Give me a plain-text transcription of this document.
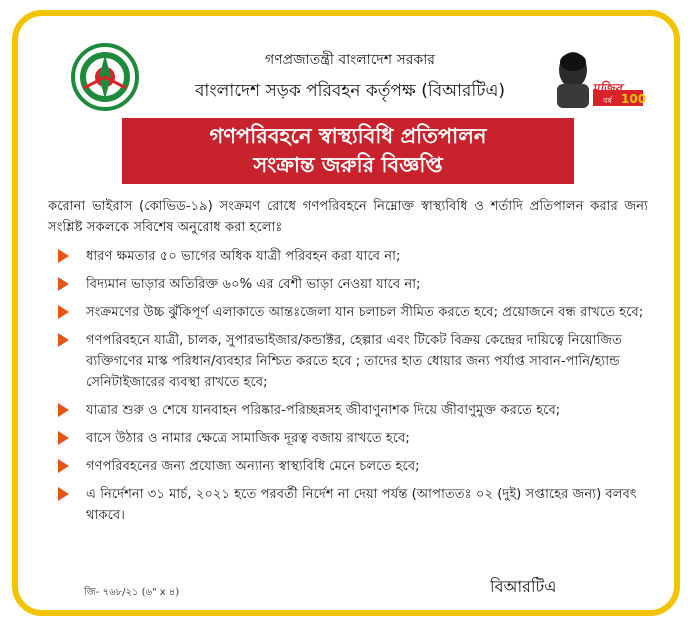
মুজিব
বর্ষ 100
গণপ্রজাতন্ত্রী বাংলাদেশ সরকার
বাংলাদেশ সড়ক পরিবহন কর্তৃপক্ষ (বিআরটিএ)
গণপরিবহনে স্বাস্থ্যবিধি প্রতিপালন
সংক্রান্ত জরুরি বিজ্ঞপ্তি
করোনা ভাইরাস (কোভিড-১৯) সংক্রমণ রোধে গণপরিবহনে নিম্নোক্ত স্বাস্থ্যবিধি ও শর্তাদি প্রতিপালন করার জন্য সংশ্লিষ্ট সকলকে সবিশেষ অনুরোধ করা হলোঃ
ধারণ ক্ষমতার ৫০ ভাগের অধিক যাত্রী পরিবহন করা যাবে না;
বিদ্যমান ভাড়ার অতিরিক্ত ৬০% এর বেশী ভাড়া নেওয়া যাবে না;
সংক্রমণের উচ্চ ঝুঁকিপূর্ণ এলাকাতে আন্তঃজেলা যান চলাচল সীমিত করতে হবে; প্রয়োজনে বন্ধ রাখতে হবে;
গণপরিবহনে যাত্রী, চালক, সুপারভাইজার/কন্ডাক্টর, হেল্পার এবং টিকেট বিক্রয় কেন্দ্রের দায়িত্বে নিয়োজিত ব্যক্তিগণের মাস্ক পরিধান/ব্যবহার নিশ্চিত করতে হবে ; তাদের হাত ধোয়ার জন্য পর্যাপ্ত সাবান-পানি/হ্যান্ড সেনিটাইজারের ব্যবস্থা রাখতে হবে;
যাত্রার শুরু ও শেষে যানবাহন পরিষ্কার-পরিচ্ছন্নসহ জীবাণুনাশক দিয়ে জীবাণুমুক্ত করতে হবে;
বাসে উঠার ও নামার ক্ষেত্রে সামাজিক দূরত্ব বজায় রাখতে হবে;
গণপরিবহনের জন্য প্রযোজ্য অন্যান্য স্বাস্থ্যবিধি মেনে চলতে হবে;
এ নির্দেশনা ৩১ মার্চ, ২০২১ হতে পরবর্তী নির্দেশ না দেয়া পর্যন্ত (আপাততঃ ০২ (দুই) সপ্তাহের জন্য) বলবৎ থাকবে।
জি- ৭৬৮/২১ (৬" x ৪)	বিআরটিএ
